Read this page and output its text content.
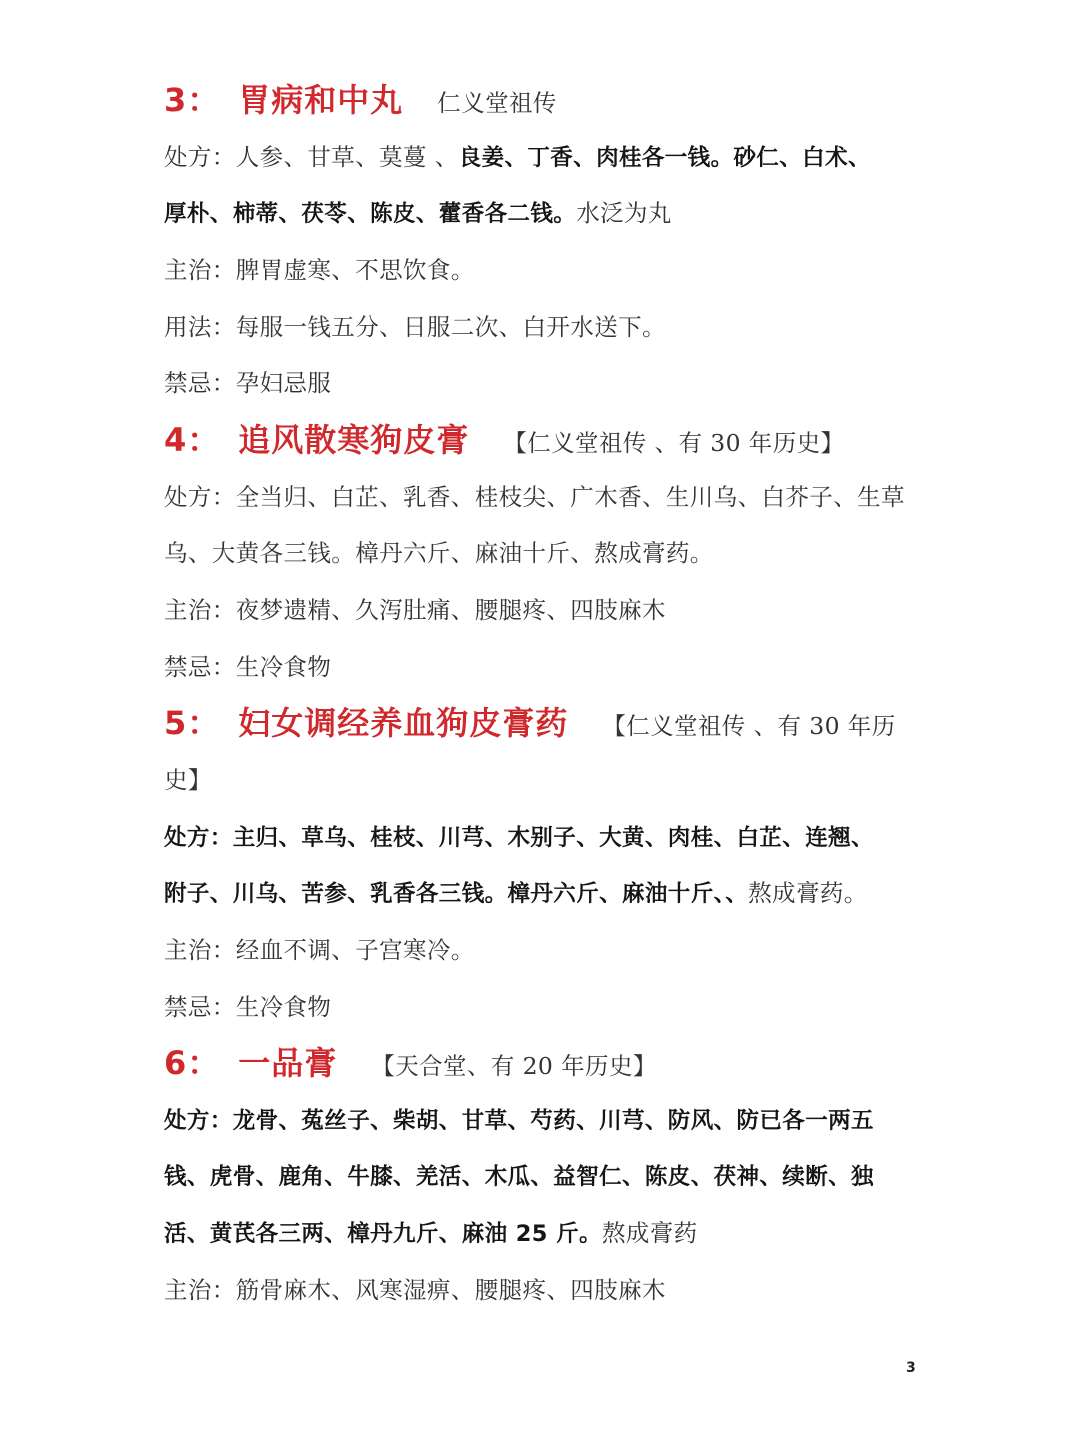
3： 胃病和中丸 仁义堂祖传
处方：人参、甘草、莫蔓 、良姜、丁香、肉桂各一钱。砂仁、白术、
厚朴、柿蒂、茯苓、陈皮、藿香各二钱。水泛为丸
主治：脾胃虚寒、不思饮食。
用法：每服一钱五分、日服二次、白开水送下。
禁忌：孕妇忌服
4： 追风散寒狗皮膏 【仁义堂祖传 、有 30 年历史】
处方：全当归、白芷、乳香、桂枝尖、广木香、生川乌、白芥子、生草
乌、大黄各三钱。樟丹六斤、麻油十斤、熬成膏药。
主治：夜梦遗精、久泻肚痛、腰腿疼、四肢麻木
禁忌：生冷食物
5： 妇女调经养血狗皮膏药 【仁义堂祖传 、有 30 年历
史】
处方：主归、草乌、桂枝、川芎、木别子、大黄、肉桂、白芷、连翘、
附子、川乌、苦参、乳香各三钱。樟丹六斤、麻油十斤、、熬成膏药。
主治：经血不调、子宫寒冷。
禁忌：生冷食物
6： 一品膏 【天合堂、有 20 年历史】
处方：龙骨、菟丝子、柴胡、甘草、芍药、川芎、防风、防已各一两五
钱、虎骨、鹿角、牛膝、羌活、木瓜、益智仁、陈皮、茯神、续断、独
活、黄芪各三两、樟丹九斤、麻油 25 斤。熬成膏药
主治：筋骨麻木、风寒湿痹、腰腿疼、四肢麻木
3
